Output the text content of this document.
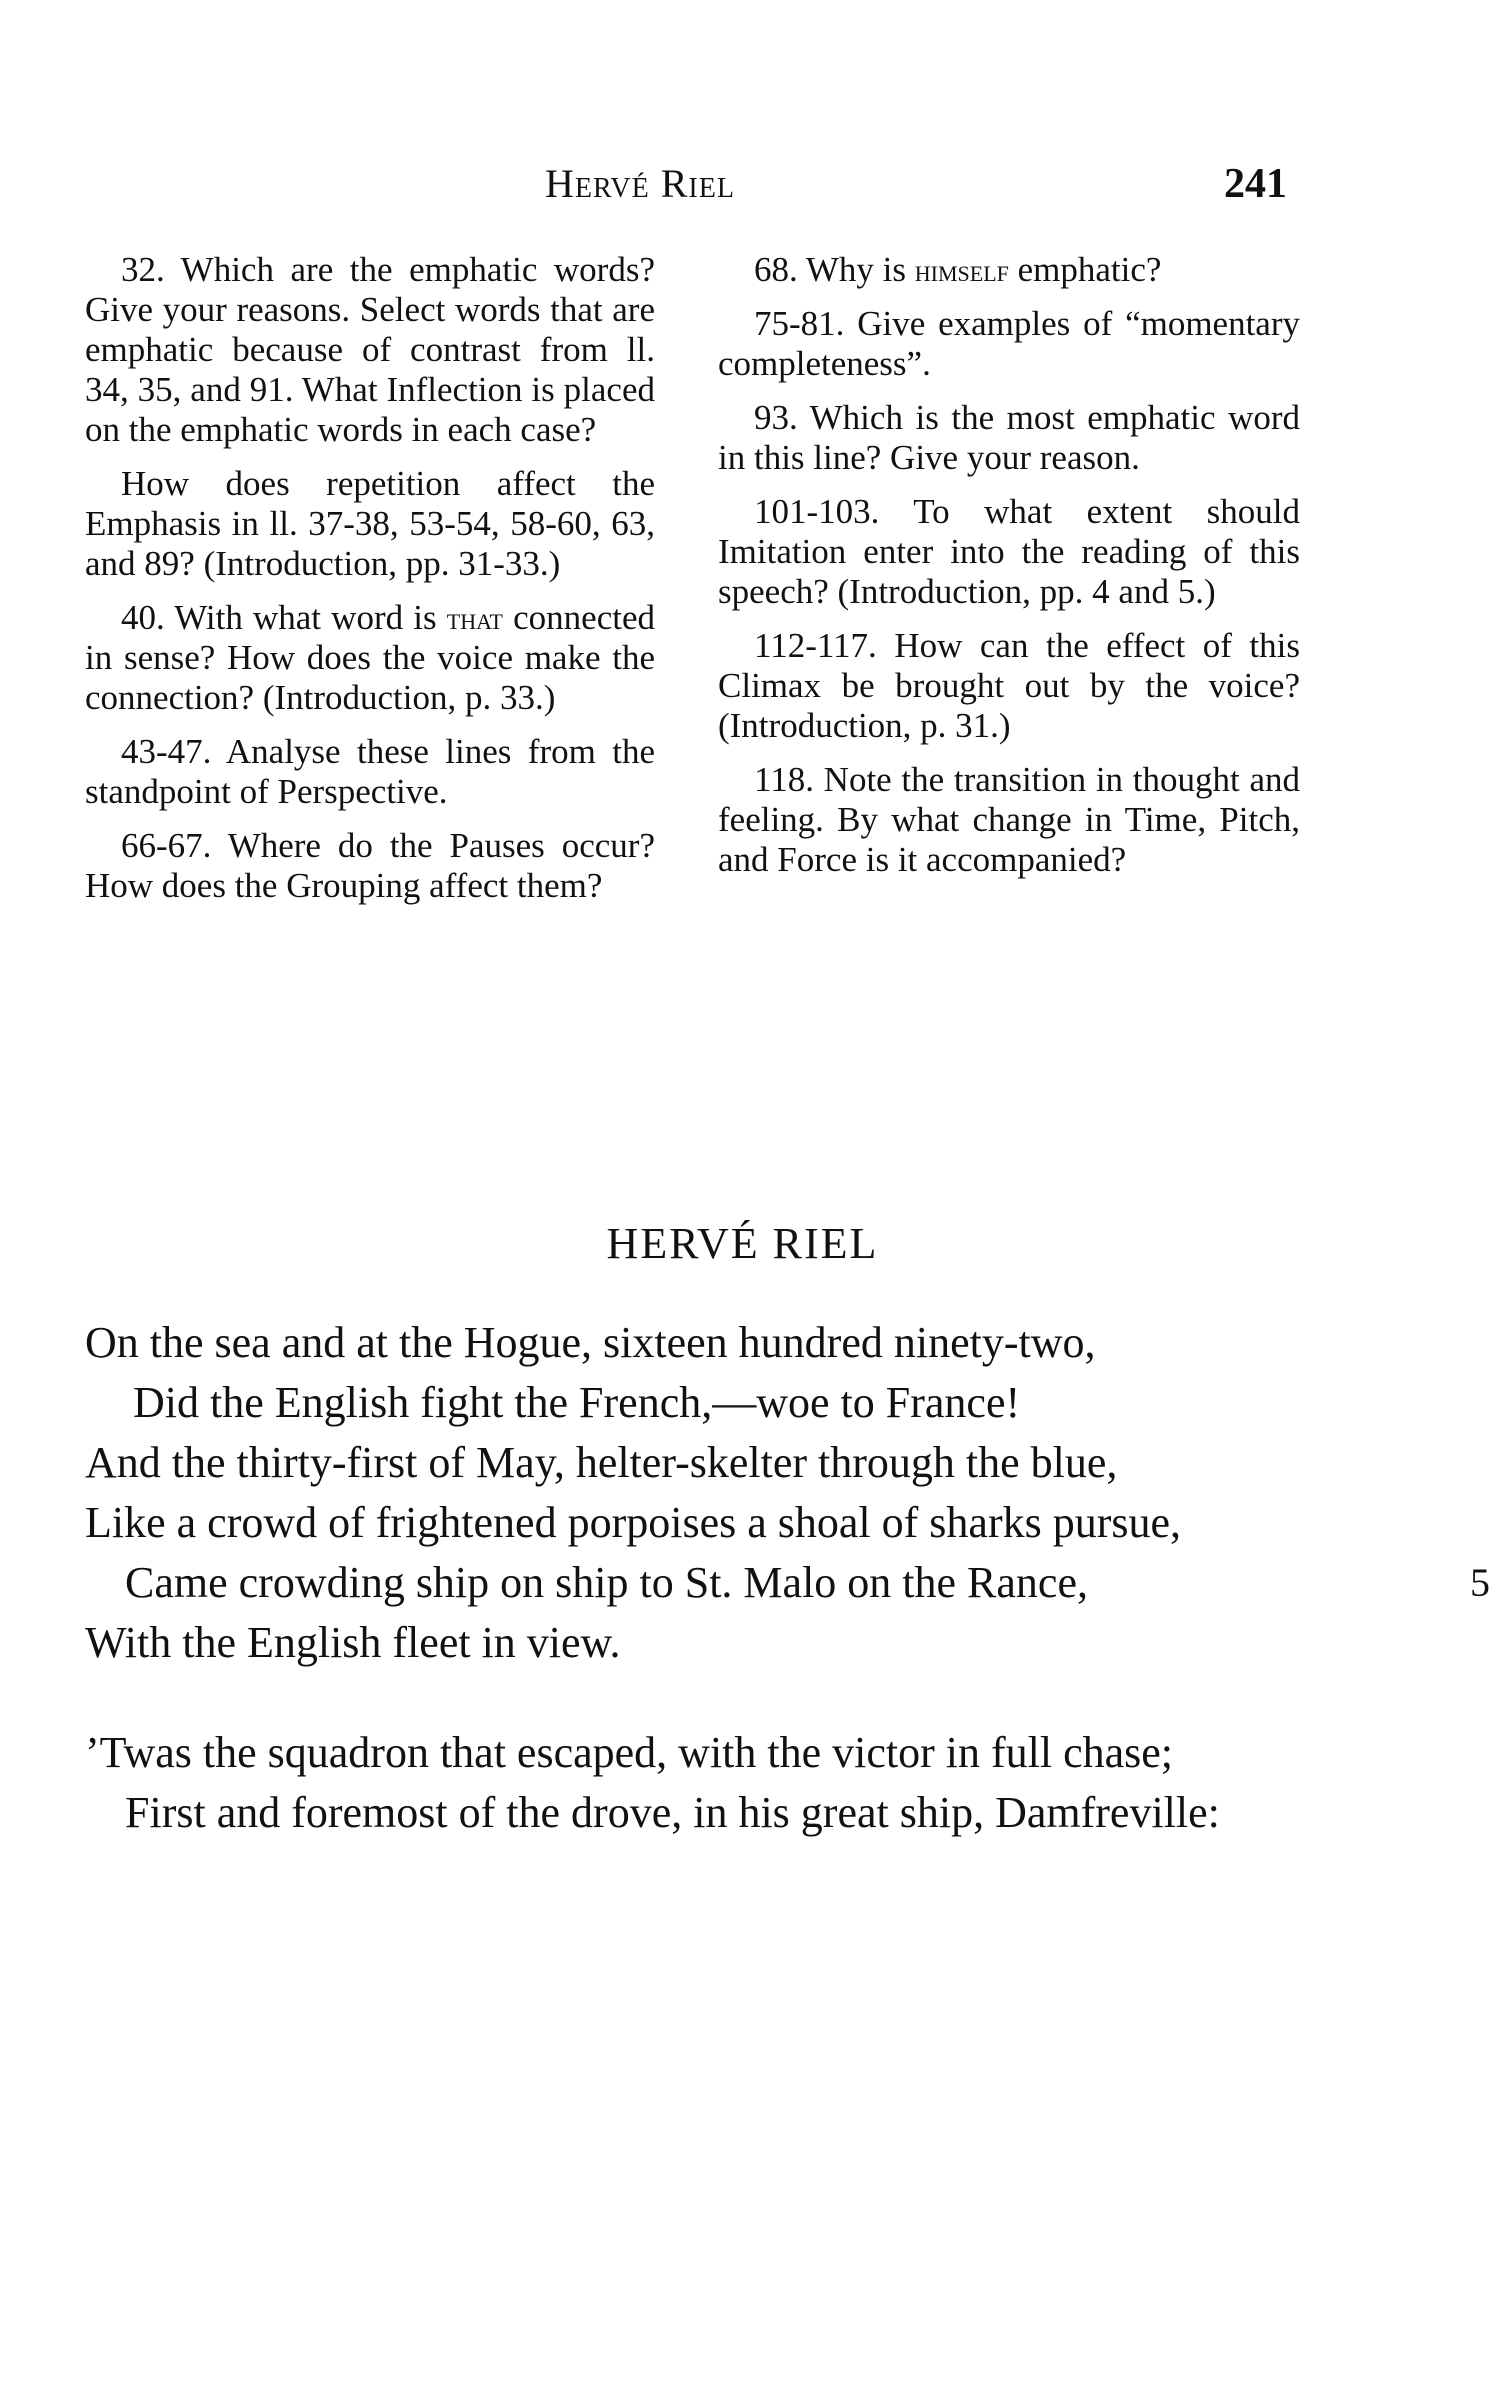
Hervé Riel	241

32. Which are the emphatic words? Give your reasons. Select words that are emphatic because of contrast from ll. 34, 35, and 91. What Inflection is placed on the emphatic words in each case?

How does repetition affect the Emphasis in ll. 37-38, 53-54, 58-60, 63, and 89? (Introduction, pp. 31-33.)

40. With what word is that connected in sense? How does the voice make the connection? (Introduction, p. 33.)

43-47. Analyse these lines from the standpoint of Perspective.

66-67. Where do the Pauses occur? How does the Grouping affect them?

68. Why is himself emphatic?

75-81. Give examples of “momentary completeness”.

93. Which is the most emphatic word in this line? Give your reason.

101-103. To what extent should Imitation enter into the reading of this speech? (Introduction, pp. 4 and 5.)

112-117. How can the effect of this Climax be brought out by the voice? (Introduction, p. 31.)

118. Note the transition in thought and feeling. By what change in Time, Pitch, and Force is it accompanied?

HERVÉ RIEL
On the sea and at the Hogue, sixteen hundred ninety-two,
Did the English fight the French,—woe to France!
And the thirty-first of May, helter-skelter through the blue,
Like a crowd of frightened porpoises a shoal of sharks pursue,
Came crowding ship on ship to St. Malo on the Rance,	5
With the English fleet in view.
’Twas the squadron that escaped, with the victor in full chase;
First and foremost of the drove, in his great ship, Damfreville:
